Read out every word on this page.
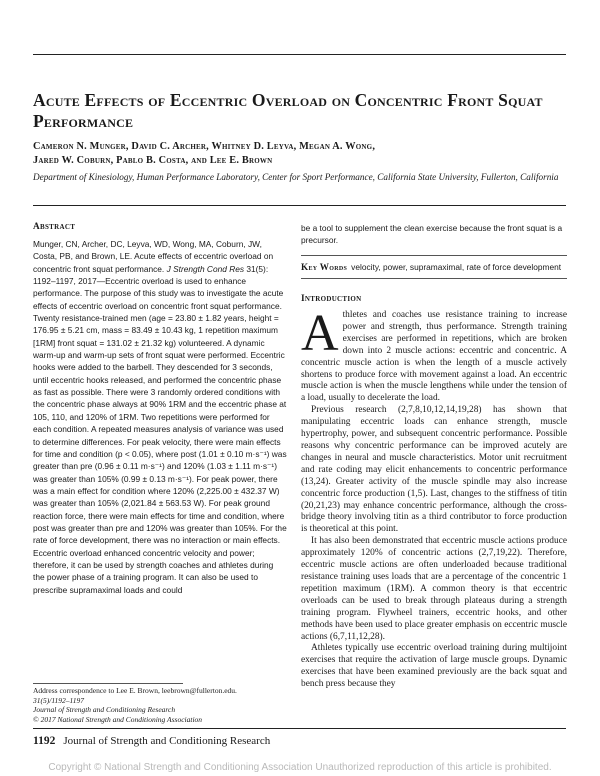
Acute Effects of Eccentric Overload on Concentric Front Squat Performance
Cameron N. Munger, David C. Archer, Whitney D. Leyva, Megan A. Wong,
Jared W. Coburn, Pablo B. Costa, and Lee E. Brown

Department of Kinesiology, Human Performance Laboratory, Center for Sport Performance, California State University, Fullerton, California

Abstract

Munger, CN, Archer, DC, Leyva, WD, Wong, MA, Coburn, JW, Costa, PB, and Brown, LE. Acute effects of eccentric overload on concentric front squat performance. J Strength Cond Res 31(5): 1192–1197, 2017—Eccentric overload is used to enhance performance. The purpose of this study was to investigate the acute effects of eccentric overload on concentric front squat performance. Twenty resistance-trained men (age = 23.80 ± 1.82 years, height = 176.95 ± 5.21 cm, mass = 83.49 ± 10.43 kg, 1 repetition maximum [1RM] front squat = 131.02 ± 21.32 kg) volunteered. A dynamic warm-up and warm-up sets of front squat were performed. Eccentric hooks were added to the barbell. They descended for 3 seconds, until eccentric hooks released, and performed the concentric phase as fast as possible. There were 3 randomly ordered conditions with the concentric phase always at 90% 1RM and the eccentric phase at 105, 110, and 120% of 1RM. Two repetitions were performed for each condition. A repeated measures analysis of variance was used to determine differences. For peak velocity, there were main effects for time and condition (p < 0.05), where post (1.01 ± 0.10 m·s⁻¹) was greater than pre (0.96 ± 0.11 m·s⁻¹) and 120% (1.03 ± 1.11 m·s⁻¹) was greater than 105% (0.99 ± 0.13 m·s⁻¹). For peak power, there was a main effect for condition where 120% (2,225.00 ± 432.37 W) was greater than 105% (2,021.84 ± 563.53 W). For peak ground reaction force, there were main effects for time and condition, where post was greater than pre and 120% was greater than 105%. For the rate of force development, there was no interaction or main effects. Eccentric overload enhanced concentric velocity and power; therefore, it can be used by strength coaches and athletes during the power phase of a training program. It can also be used to prescribe supramaximal loads and could

be a tool to supplement the clean exercise because the front squat is a precursor.

Key Words velocity, power, supramaximal, rate of force development
Introduction

Athletes and coaches use resistance training to increase power and strength, thus performance. Strength training exercises are performed in repetitions, which are broken down into 2 muscle actions: eccentric and concentric. A concentric muscle action is when the length of a muscle actively shortens to produce force with movement against a load. An eccentric muscle action is when the muscle lengthens while under the tension of a load, usually to decelerate the load.

Previous research (2,7,8,10,12,14,19,28) has shown that manipulating eccentric loads can enhance strength, muscle hypertrophy, power, and subsequent concentric performance. Possible reasons why concentric performance can be improved acutely are changes in neural and muscle characteristics. Motor unit recruitment and rate coding may elicit enhancements to concentric performance (13,24). Greater activity of the muscle spindle may also increase concentric force production (1,5). Last, changes to the stiffness of titin (20,21,23) may enhance concentric performance, although the cross-bridge theory involving titin as a third contributor to force production is theoretical at this point.

It has also been demonstrated that eccentric muscle actions produce approximately 120% of concentric actions (2,7,19,22). Therefore, eccentric muscle actions are often underloaded because traditional resistance training uses loads that are a percentage of the concentric 1 repetition maximum (1RM). A common theory is that eccentric overloads can be used to break through plateaus during a strength training program. Flywheel trainers, eccentric hooks, and other methods have been used to place greater emphasis on eccentric muscle actions (6,7,11,12,28).

Athletes typically use eccentric overload training during multijoint exercises that require the activation of large muscle groups. Dynamic exercises that have been examined previously are the back squat and bench press because they

Address correspondence to Lee E. Brown, leebrown@fullerton.edu.
31(5)/1192–1197
Journal of Strength and Conditioning Research
© 2017 National Strength and Conditioning Association
1192 Journal of Strength and Conditioning Research
Copyright © National Strength and Conditioning Association Unauthorized reproduction of this article is prohibited.
